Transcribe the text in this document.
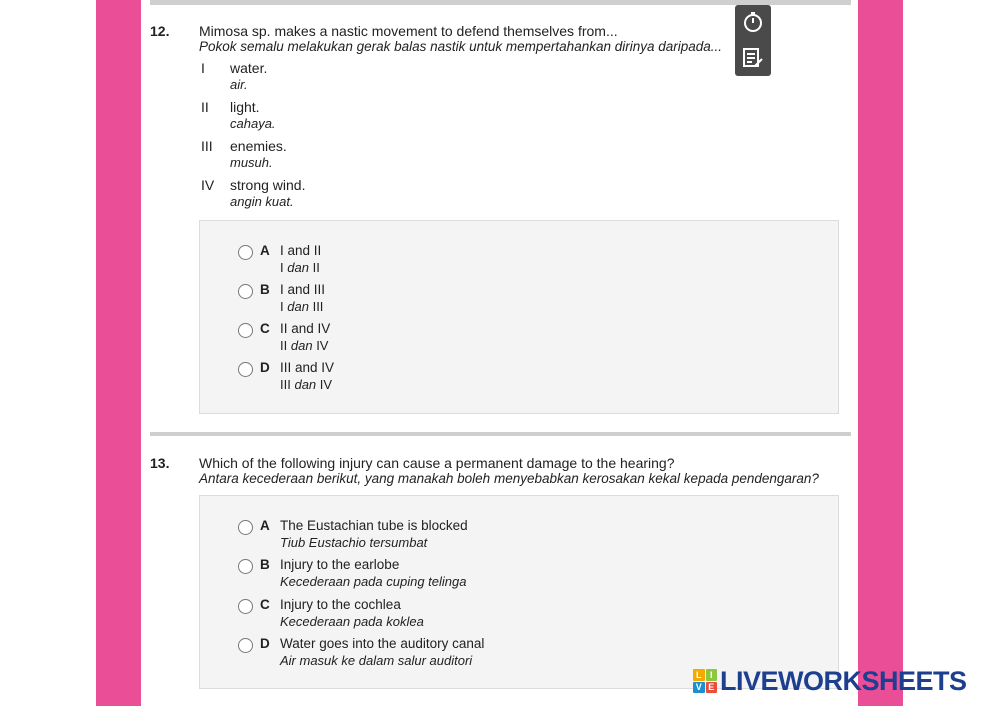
12. Mimosa sp. makes a nastic movement to defend themselves from...
Pokok semalu melakukan gerak balas nastik untuk mempertahankan dirinya daripada...
I water.
air.
II light.
cahaya.
III enemies.
musuh.
IV strong wind.
angin kuat.
A I and II
I dan II
B I and III
I dan III
C II and IV
II dan IV
D III and IV
III dan IV
13. Which of the following injury can cause a permanent damage to the hearing?
Antara kecederaan berikut, yang manakah boleh menyebabkan kerosakan kekal kepada pendengaran?
A The Eustachian tube is blocked
Tiub Eustachio tersumbat
B Injury to the earlobe
Kecederaan pada cuping telinga
C Injury to the cochlea
Kecederaan pada koklea
D Water goes into the auditory canal
Air masuk ke dalam salur auditori
L I
V E LIVEWORKSHEETS
